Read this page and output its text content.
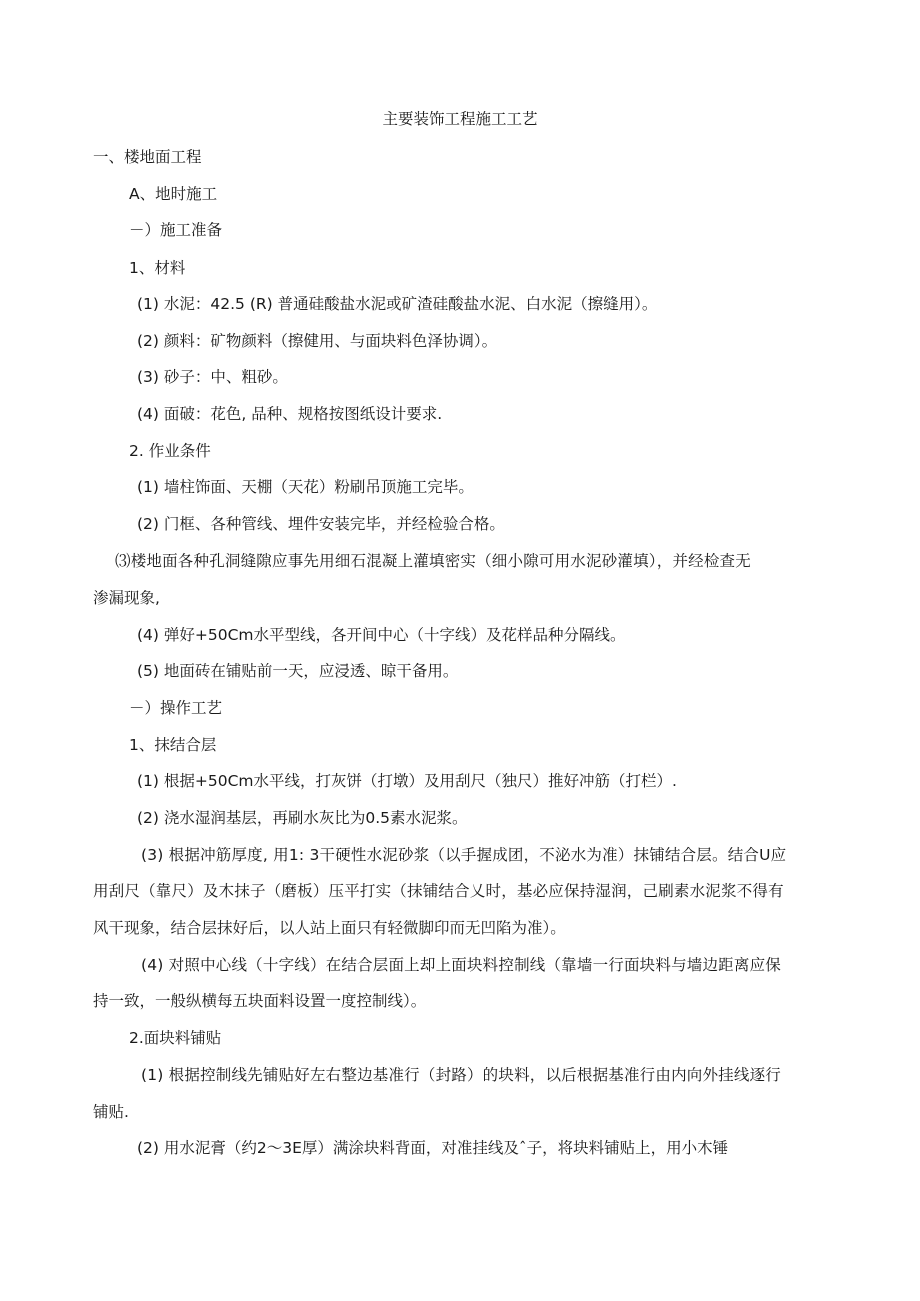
主要装饰工程施工工艺
一、楼地面工程
A、地时施工
－）施工准备
1、材料
(1) 水泥：42.5 (R) 普通硅酸盐水泥或矿渣硅酸盐水泥、白水泥（擦缝用）。
(2) 颜料：矿物颜料（擦健用、与面块料色泽协调）。
(3) 砂子：中、粗砂。
(4) 面破：花色, 品种、规格按图纸设计要求.
2. 作业条件
(1) 墙柱饰面、天棚（天花）粉刷吊顶施工完毕。
(2) 门框、各种管线、埋件安装完毕，并经检验合格。
⑶楼地面各种孔洞缝隙应事先用细石混凝上灌填密实（细小隙可用水泥砂灌填），并经检查无
渗漏现象,
(4) 弹好+50Cm水平型线，各开间中心（十字线）及花样品种分隔线。
(5) 地面砖在铺贴前一天，应浸透、晾干备用。
－）操作工艺
1、抹结合层
(1) 根据+50Cm水平线，打灰饼（打墩）及用刮尺（独尺）推好冲筋（打栏）.
(2) 浇水湿润基层，再刷水灰比为0.5素水泥浆。
(3) 根据冲筋厚度, 用1: 3干硬性水泥砂浆（以手握成团，不泌水为准）抹铺结合层。结合U应
用刮尺（靠尺）及木抹子（磨板）压平打实（抹铺结合乂时，基必应保持湿润，己刷素水泥浆不得有
风干现象，结合层抹好后，以人站上面只有轻微脚印而无凹陷为准）。
(4) 对照中心线（十字线）在结合层面上却上面块料控制线（靠墙一行面块料与墙边距离应保
持一致，一般纵横每五块面料设置一度控制线）。
2.面块料铺贴
(1) 根据控制线先铺贴好左右整边基准行（封路）的块料，以后根据基准行由内向外挂线逐行
铺贴.
(2) 用水泥膏（约2〜3E厚）满涂块料背面，对准挂线及ˆ子，将块料铺贴上，用小木锤
